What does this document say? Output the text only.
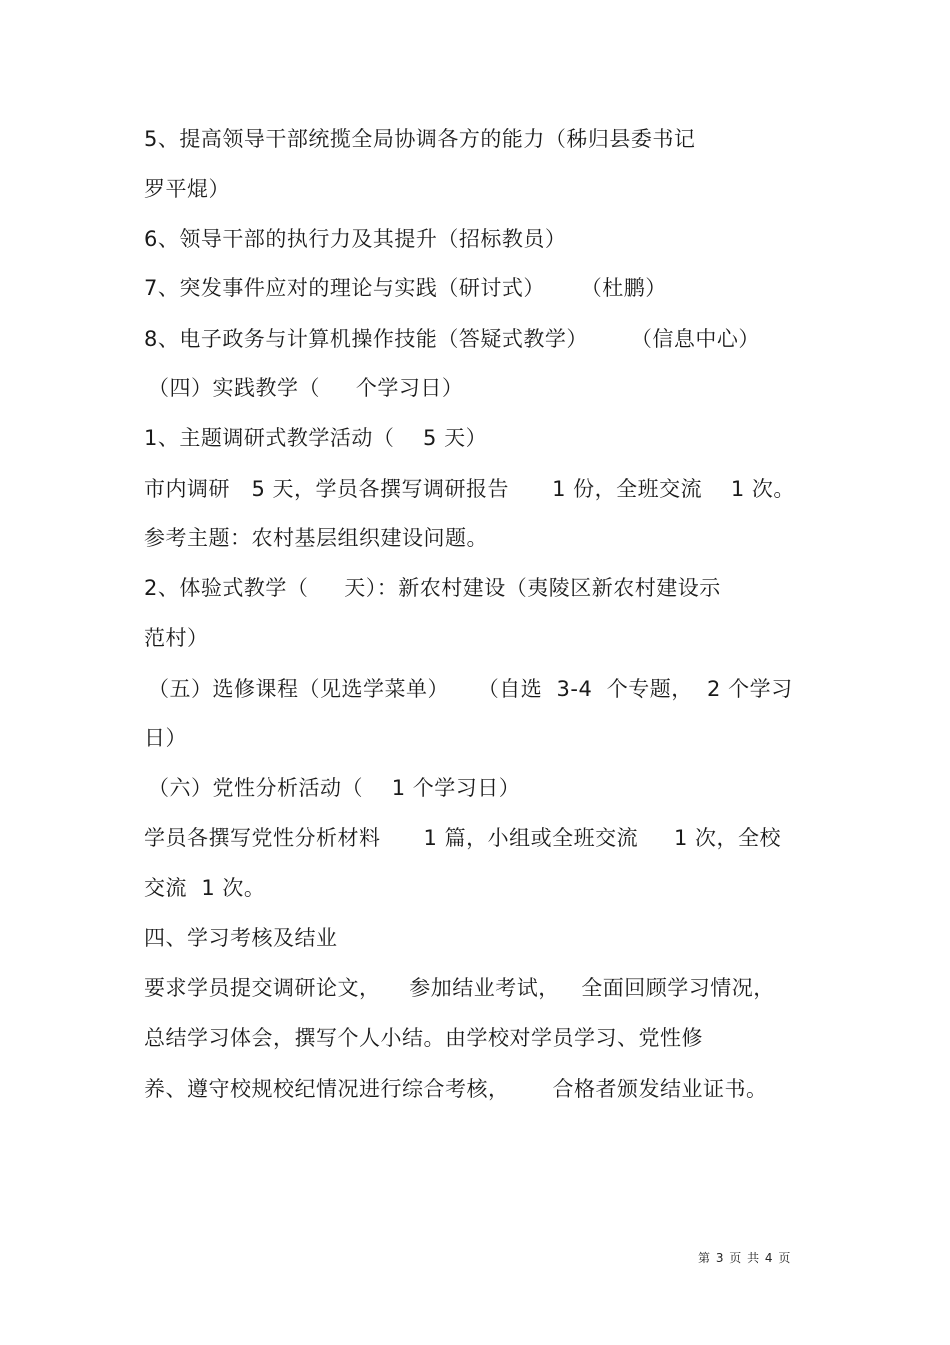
5、提高领导干部统揽全局协调各方的能力（秭归县委书记
罗平焜）
6、领导干部的执行力及其提升（招标教员）
7、突发事件应对的理论与实践（研讨式）     （杜鹏）
8、电子政务与计算机操作技能（答疑式教学）      （信息中心）
（四）实践教学（     个学习日）
1、主题调研式教学活动（    5 天）
市内调研   5 天，学员各撰写调研报告      1 份，全班交流    1 次。
参考主题：农村基层组织建设问题。
2、体验式教学（     天）：新农村建设（夷陵区新农村建设示
范村）
（五）选修课程（见选学菜单）    （自选  3-4  个专题，  2 个学习
日）
（六）党性分析活动（    1 个学习日）
学员各撰写党性分析材料      1 篇，小组或全班交流     1 次，全校
交流  1 次。
四、学习考核及结业
要求学员提交调研论文，    参加结业考试，   全面回顾学习情况，
总结学习体会，撰写个人小结。由学校对学员学习、党性修
养、遵守校规校纪情况进行综合考核，      合格者颁发结业证书。
第 3 页 共 4 页
